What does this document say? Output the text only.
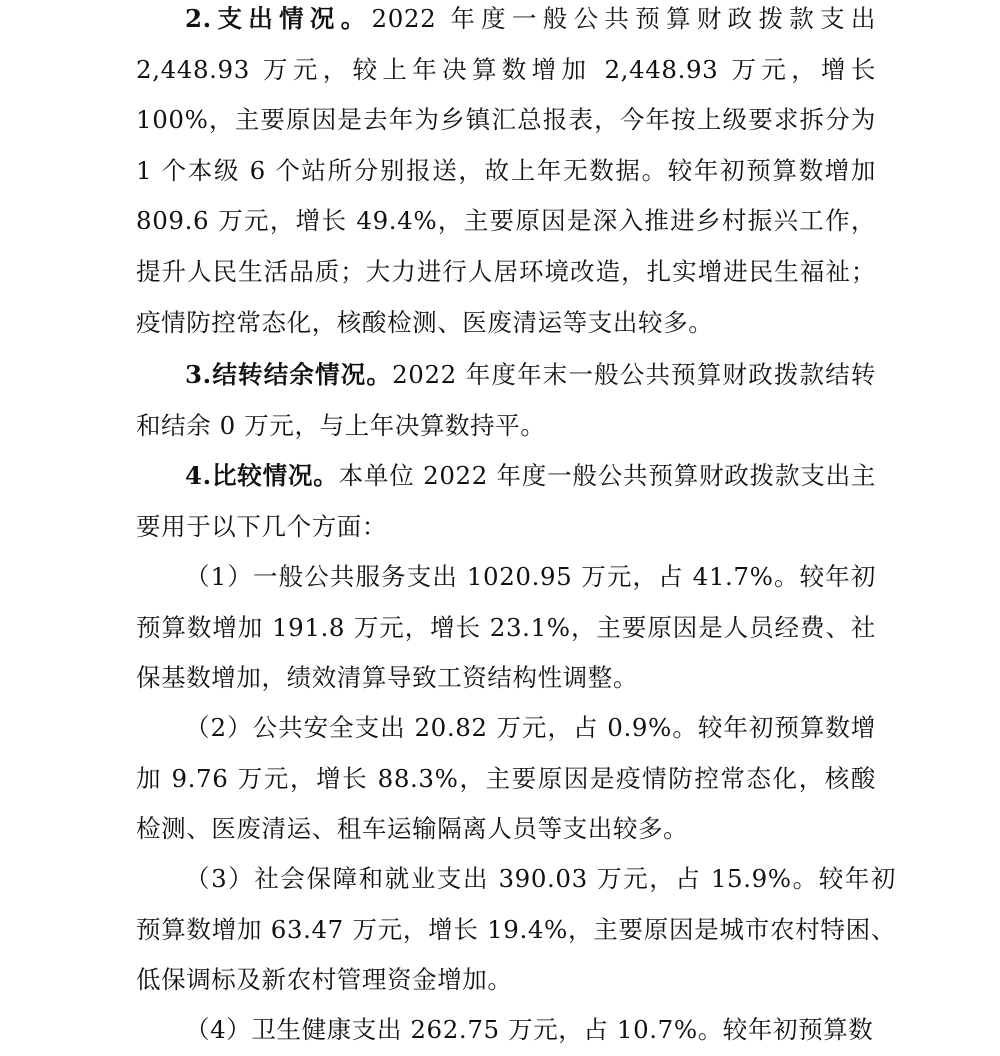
2.支出情况。2022 年度一般公共预算财政拨款支出 2,448.93 万元，较上年决算数增加 2,448.93 万元，增长 100%，主要原因是去年为乡镇汇总报表，今年按上级要求拆分为 1 个本级 6 个站所分别报送，故上年无数据。较年初预算数增加 809.6 万元，增长 49.4%，主要原因是深入推进乡村振兴工作，提升人民生活品质；大力进行人居环境改造，扎实增进民生福祉；疫情防控常态化，核酸检测、医废清运等支出较多。

3.结转结余情况。2022 年度年末一般公共预算财政拨款结转和结余 0 万元，与上年决算数持平。

4.比较情况。本单位 2022 年度一般公共预算财政拨款支出主要用于以下几个方面：

（1）一般公共服务支出 1020.95 万元，占 41.7%。较年初预算数增加 191.8 万元，增长 23.1%，主要原因是人员经费、社保基数增加，绩效清算导致工资结构性调整。

（2）公共安全支出 20.82 万元，占 0.9%。较年初预算数增加 9.76 万元，增长 88.3%，主要原因是疫情防控常态化，核酸检测、医废清运、租车运输隔离人员等支出较多。

（3）社会保障和就业支出 390.03 万元，占 15.9%。较年初预算数增加 63.47 万元，增长 19.4%，主要原因是城市农村特困、低保调标及新农村管理资金增加。

（4）卫生健康支出 262.75 万元，占 10.7%。较年初预算数
